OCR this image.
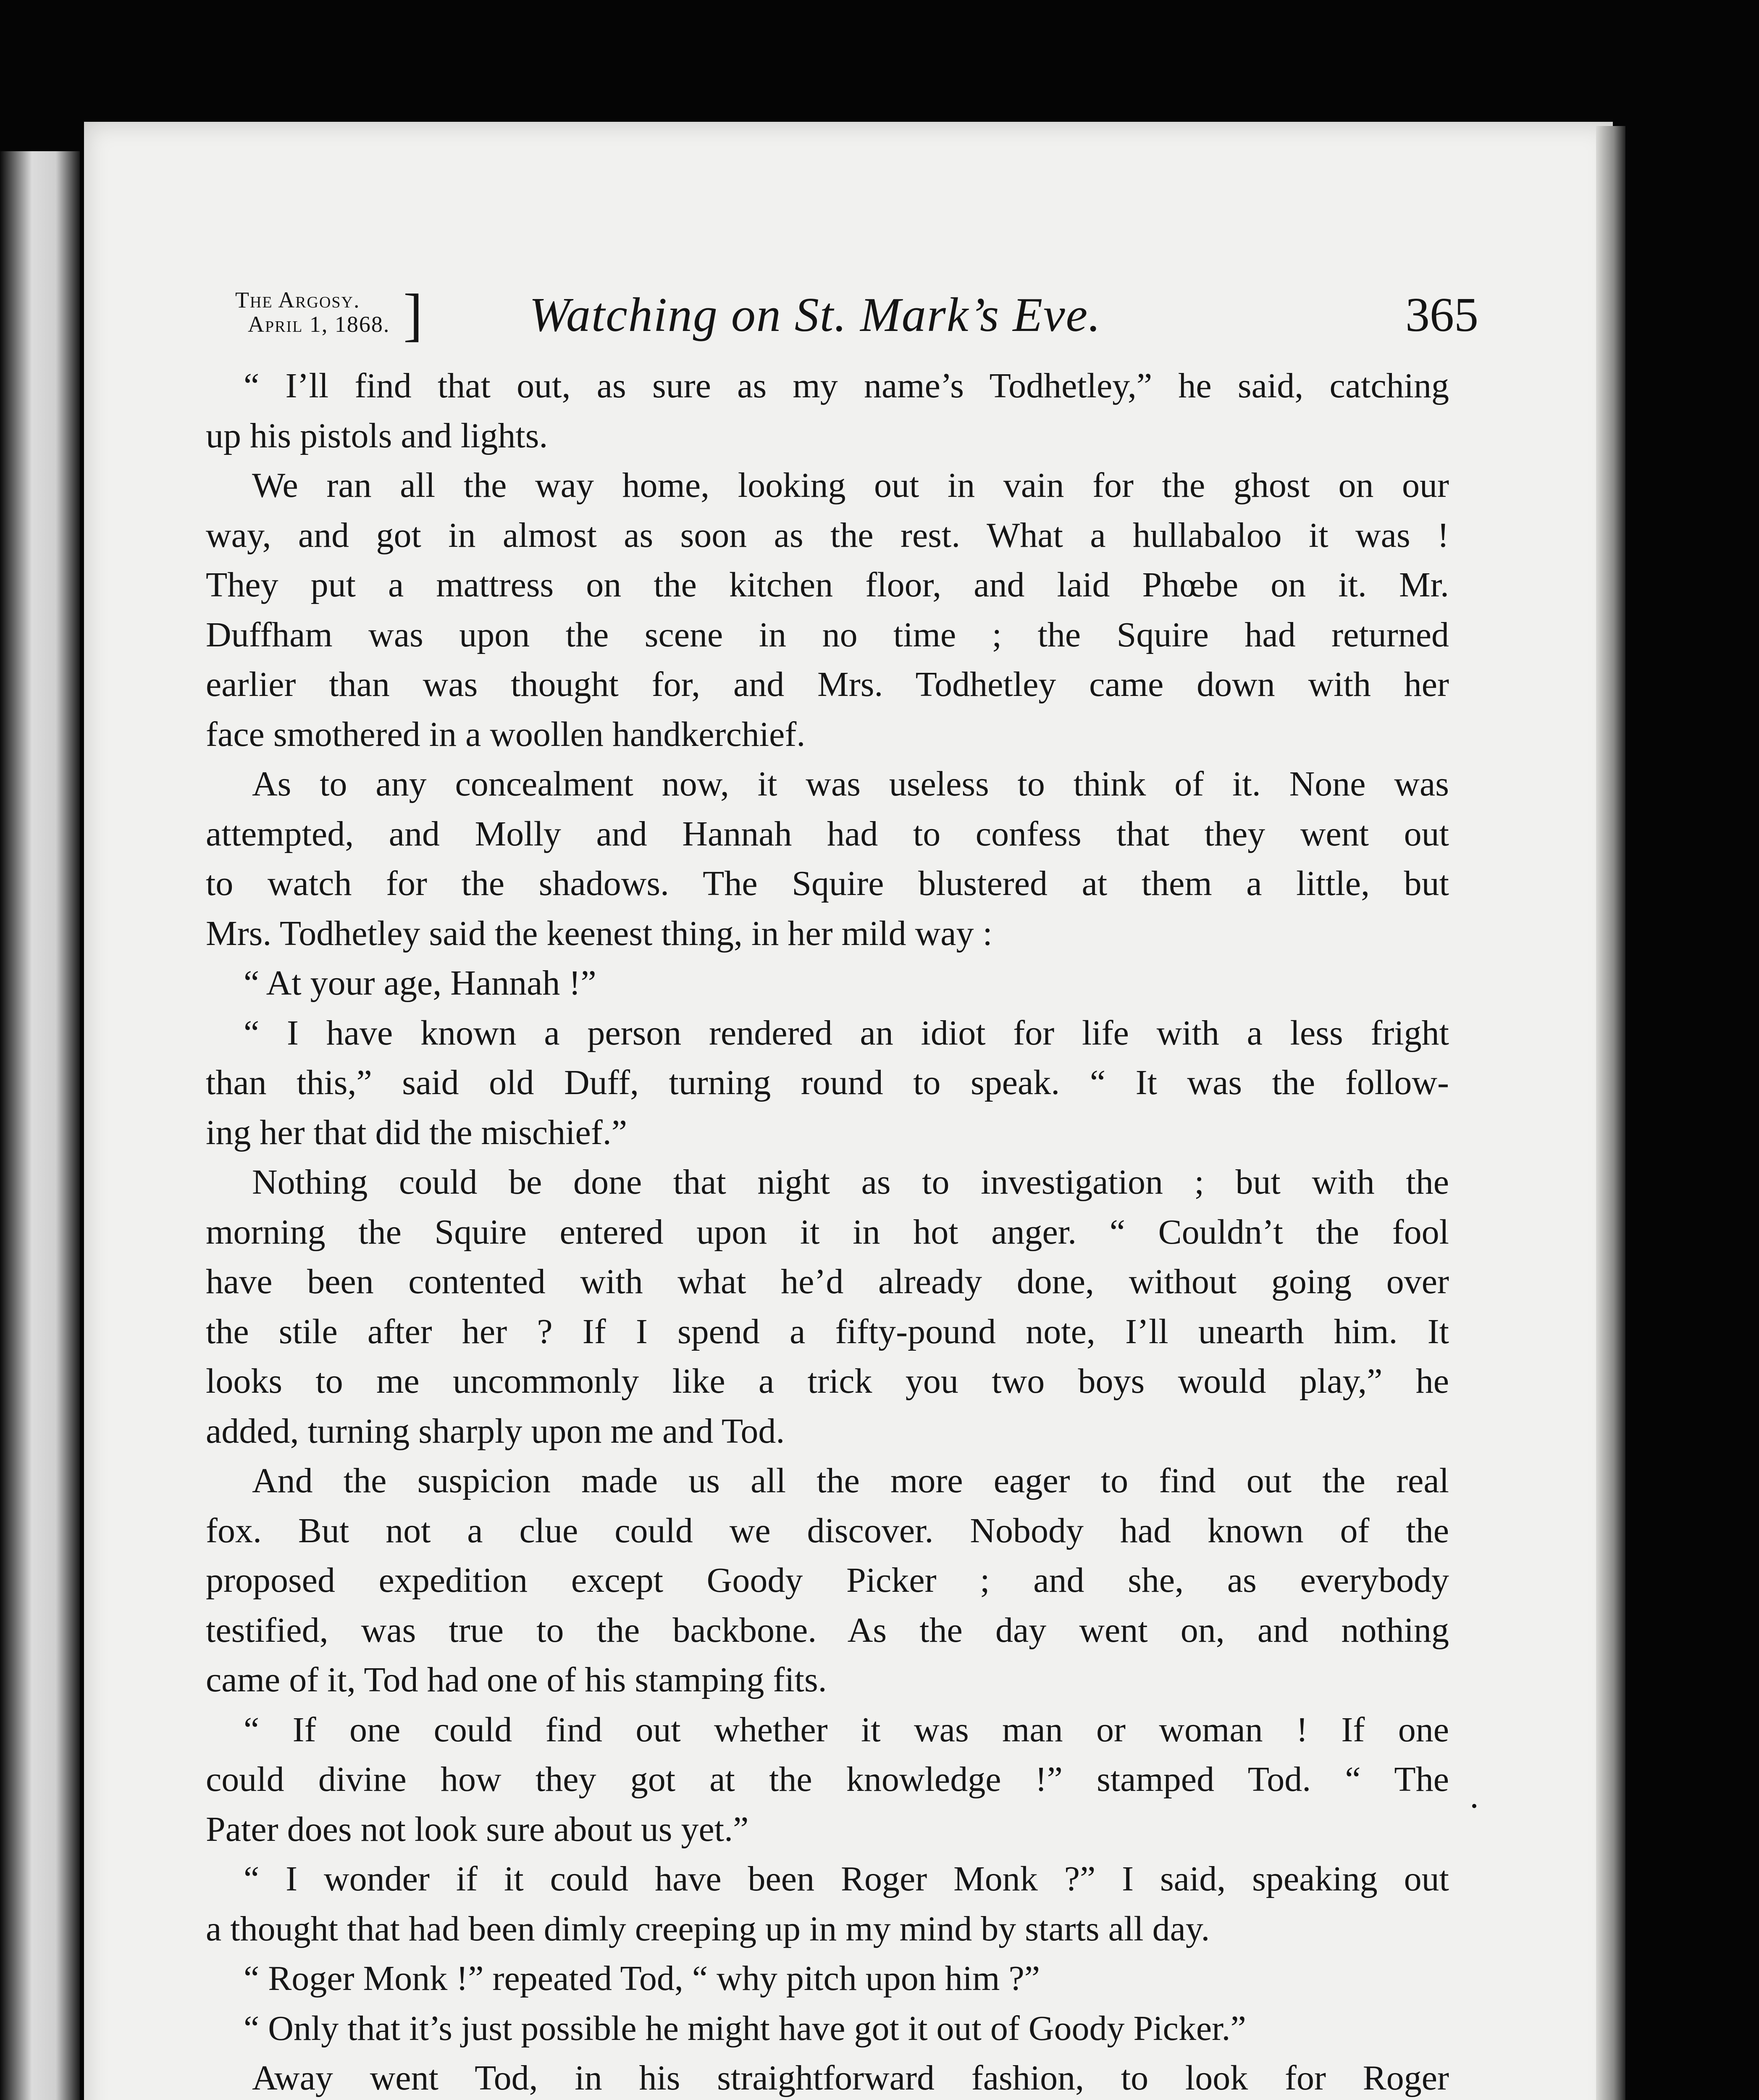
The Argosy.
April 1, 1868. ] Watching on St. Mark’s Eve.	365
“ I’ll find that out, as sure as my name’s Todhetley,” he said, catching
up his pistols and lights.
We ran all the way home, looking out in vain for the ghost on our
way, and got in almost as soon as the rest. What a hullabaloo it was !
They put a mattress on the kitchen floor, and laid Phœbe on it. Mr.
Duffham was upon the scene in no time ; the Squire had returned
earlier than was thought for, and Mrs. Todhetley came down with her
face smothered in a woollen handkerchief.
As to any concealment now, it was useless to think of it. None was
attempted, and Molly and Hannah had to confess that they went out
to watch for the shadows. The Squire blustered at them a little, but
Mrs. Todhetley said the keenest thing, in her mild way :
“ At your age, Hannah !”
“ I have known a person rendered an idiot for life with a less fright
than this,” said old Duff, turning round to speak. “ It was the follow-
ing her that did the mischief.”
Nothing could be done that night as to investigation ; but with the
morning the Squire entered upon it in hot anger. “ Couldn’t the fool
have been contented with what he’d already done, without going over
the stile after her ? If I spend a fifty-pound note, I’ll unearth him. It
looks to me uncommonly like a trick you two boys would play,” he
added, turning sharply upon me and Tod.
And the suspicion made us all the more eager to find out the real
fox. But not a clue could we discover. Nobody had known of the
proposed expedition except Goody Picker ; and she, as everybody
testified, was true to the backbone. As the day went on, and nothing
came of it, Tod had one of his stamping fits.
“ If one could find out whether it was man or woman ! If one
could divine how they got at the knowledge !” stamped Tod. “ The
Pater does not look sure about us yet.”
“ I wonder if it could have been Roger Monk ?” I said, speaking out
a thought that had been dimly creeping up in my mind by starts all day.
“ Roger Monk !” repeated Tod, “ why pitch upon him ?”
“ Only that it’s just possible he might have got it out of Goody Picker.”
Away went Tod, in his straightforward fashion, to look for Roger
